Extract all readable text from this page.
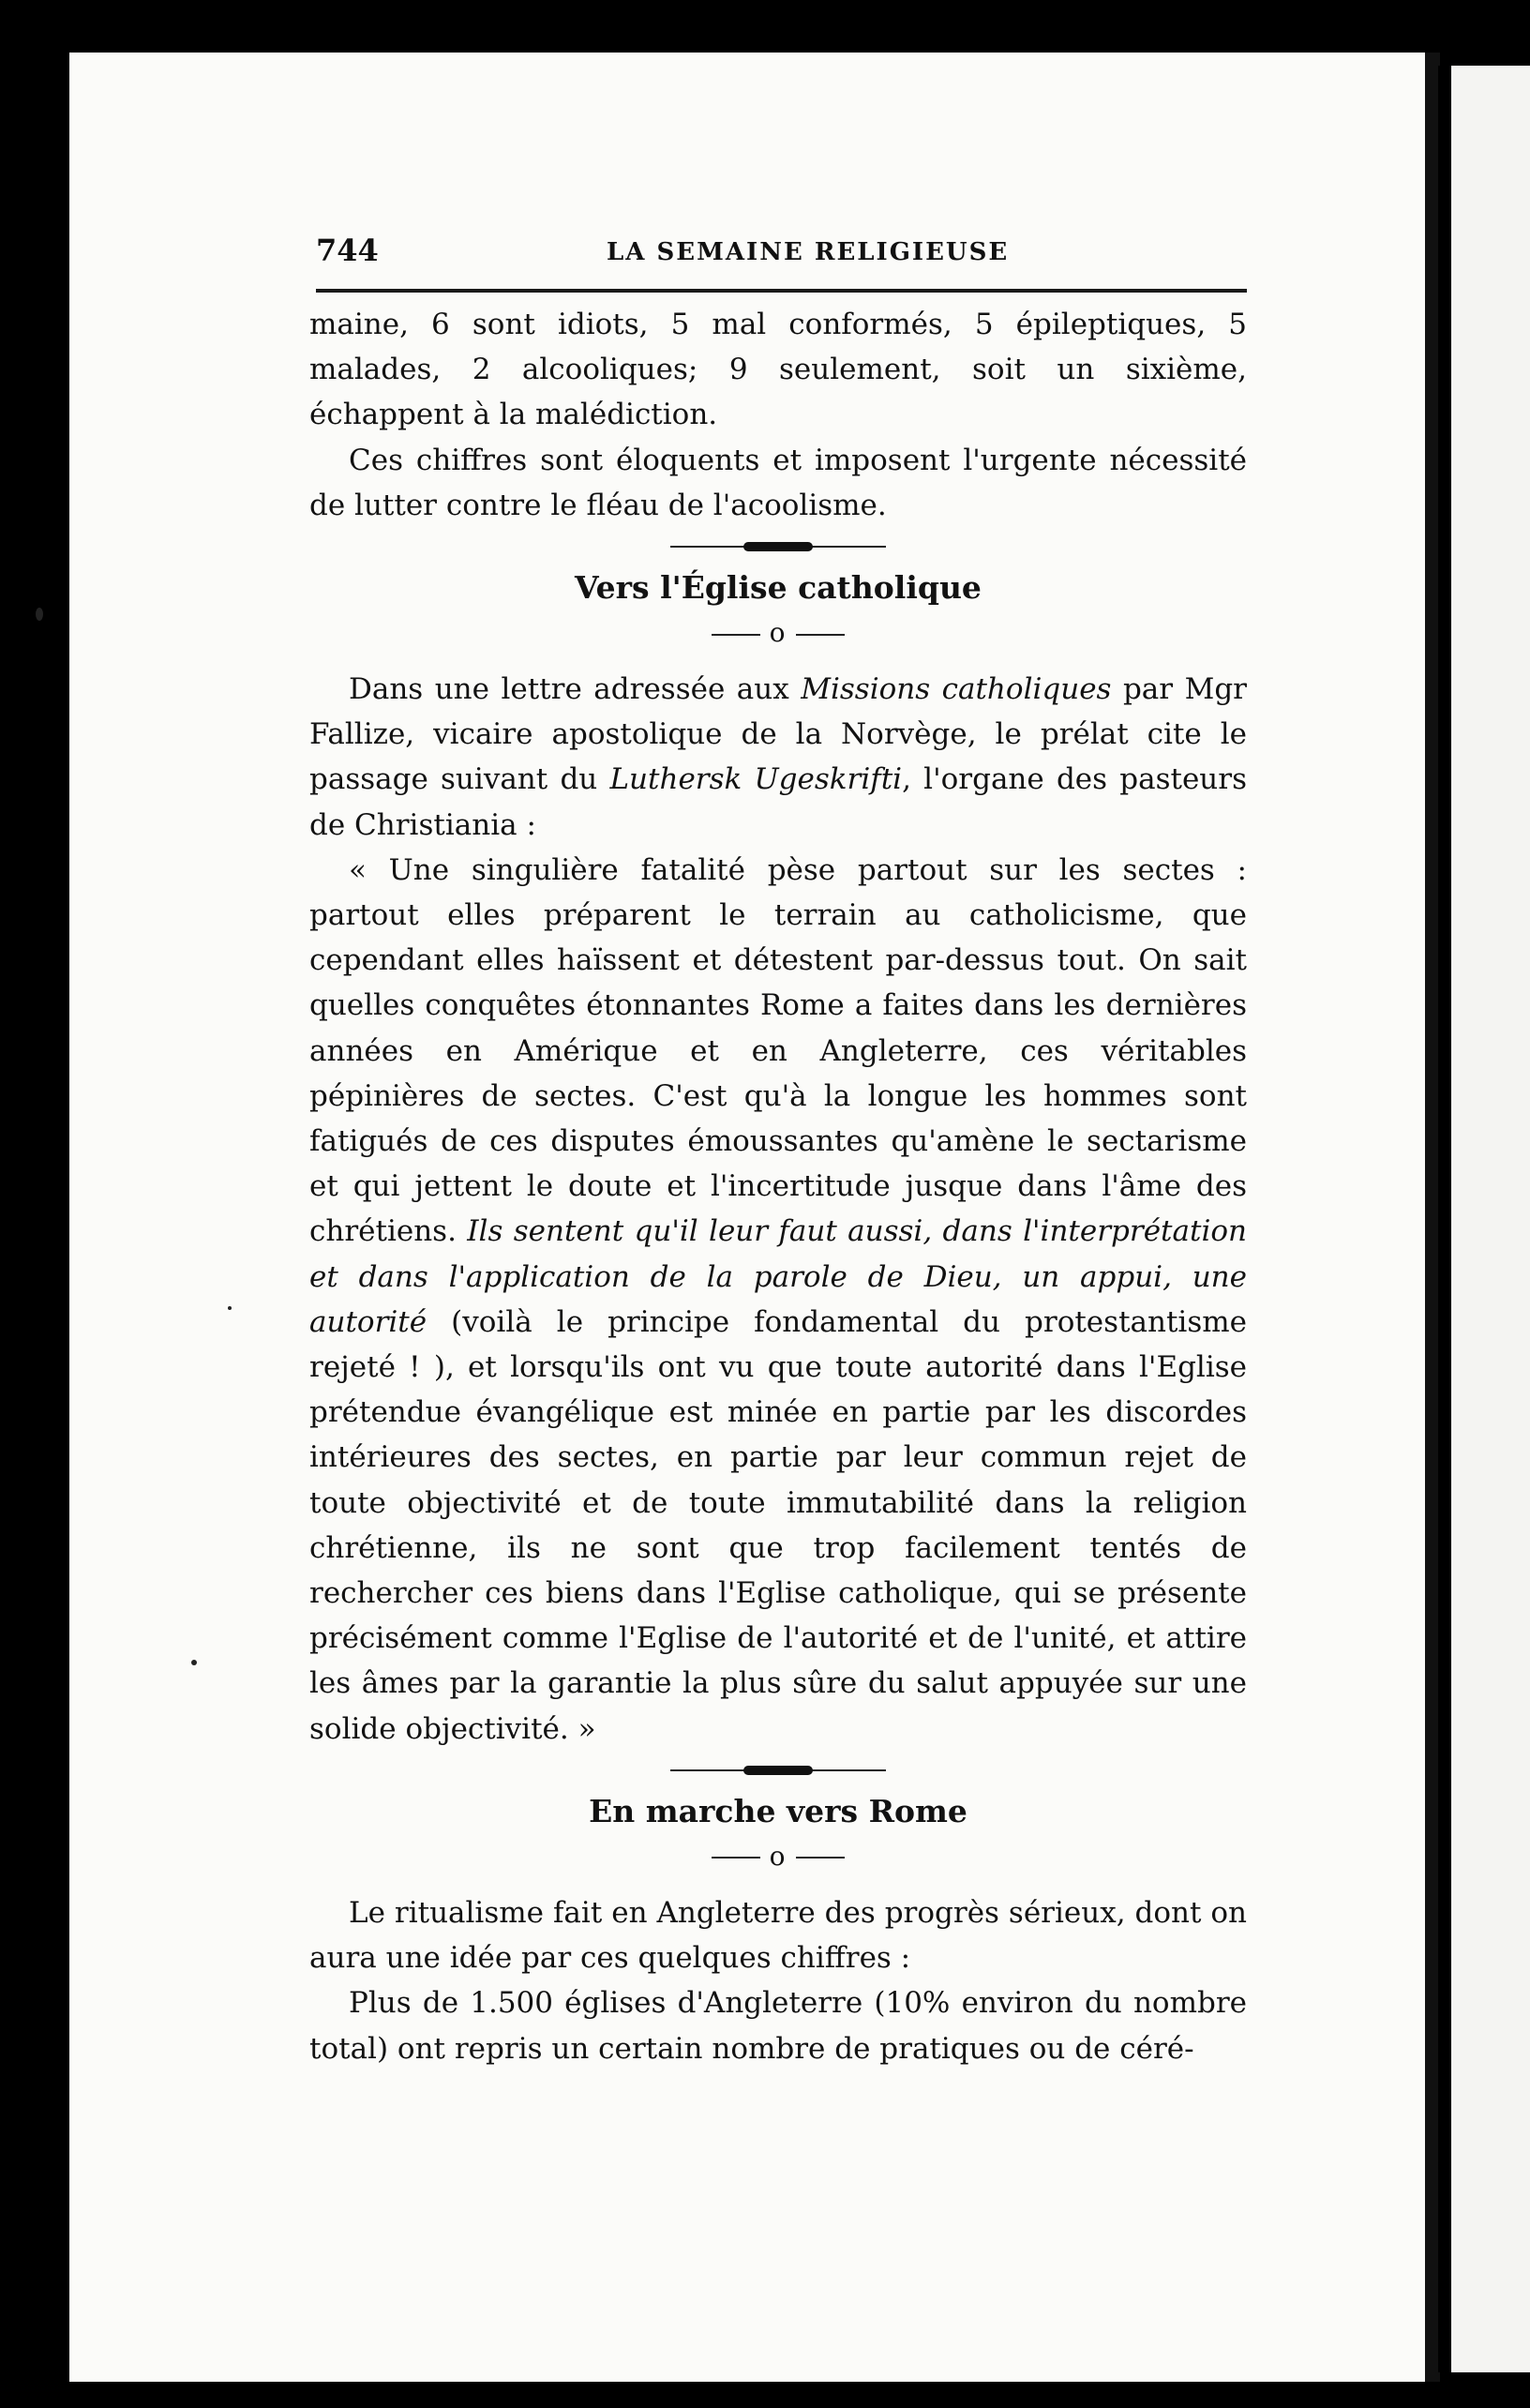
744	LA SEMAINE RELIGIEUSE

maine, 6 sont idiots, 5 mal conformés, 5 épileptiques, 5 malades, 2 alcooliques; 9 seulement, soit un sixième, échappent à la malédiction.

Ces chiffres sont éloquents et imposent l'urgente nécessité de lutter contre le fléau de l'acoolisme.

Vers l'Église catholique
o

Dans une lettre adressée aux Missions catholiques par Mgr Fallize, vicaire apostolique de la Norvège, le prélat cite le passage suivant du Luthersk Ugeskrifti, l'organe des pasteurs de Christiania :

« Une singulière fatalité pèse partout sur les sectes : partout elles préparent le terrain au catholicisme, que cependant elles haïssent et détestent par-dessus tout. On sait quelles conquêtes étonnantes Rome a faites dans les dernières années en Amérique et en Angleterre, ces véritables pépinières de sectes. C'est qu'à la longue les hommes sont fatigués de ces disputes émoussantes qu'amène le sectarisme et qui jettent le doute et l'incertitude jusque dans l'âme des chrétiens. Ils sentent qu'il leur faut aussi, dans l'interprétation et dans l'application de la parole de Dieu, un appui, une autorité (voilà le principe fondamental du protestantisme rejeté ! ), et lorsqu'ils ont vu que toute autorité dans l'Eglise prétendue évangélique est minée en partie par les discordes intérieures des sectes, en partie par leur commun rejet de toute objectivité et de toute immutabilité dans la religion chrétienne, ils ne sont que trop facilement tentés de rechercher ces biens dans l'Eglise catholique, qui se présente précisément comme l'Eglise de l'autorité et de l'unité, et attire les âmes par la garantie la plus sûre du salut appuyée sur une solide objectivité. »

En marche vers Rome
o

Le ritualisme fait en Angleterre des progrès sérieux, dont on aura une idée par ces quelques chiffres :

Plus de 1.500 églises d'Angleterre (10% environ du nombre total) ont repris un certain nombre de pratiques ou de céré-
